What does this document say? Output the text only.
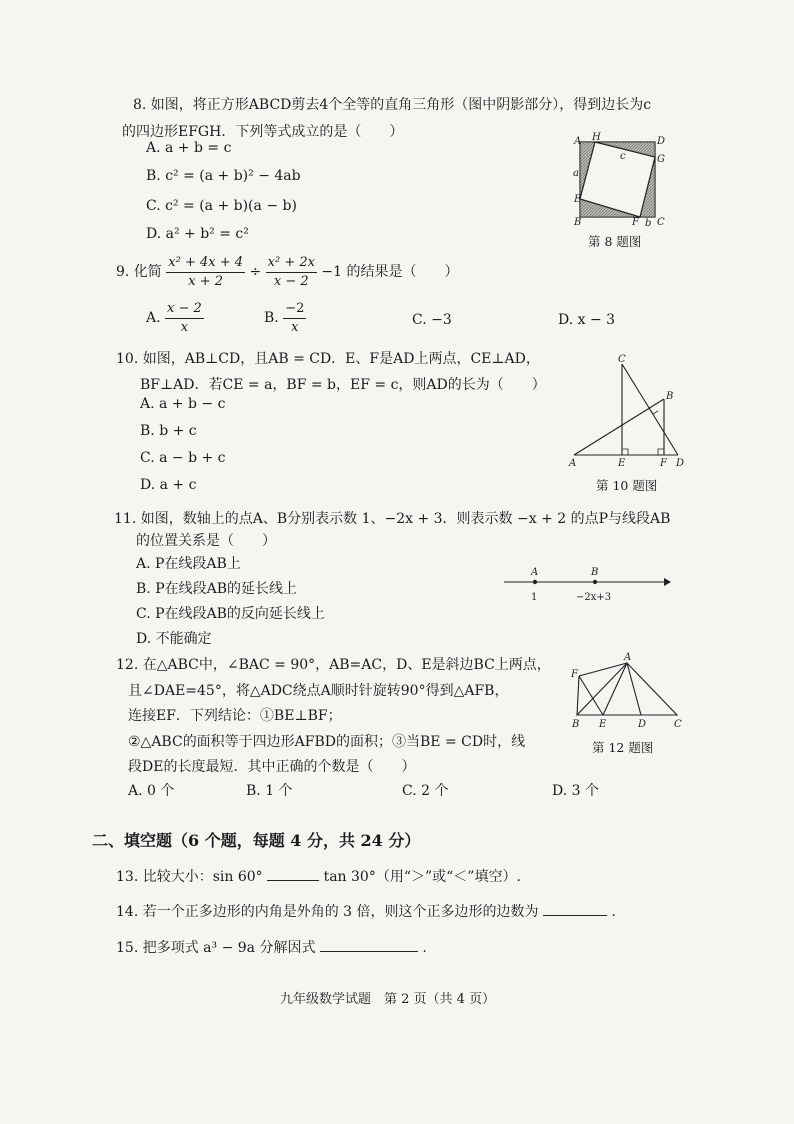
8. 如图，将正方形ABCD剪去4个全等的直角三角形（图中阴影部分），得到边长为c
的四边形EFGH．下列等式成立的是（　　）
A. a + b = c
B. c² = (a + b)² − 4ab
C. c² = (a + b)(a − b)
D. a² + b² = c²
A H	D
G
E
B	F C
a
b
c
第 8 题图
9. 化简 $\frac{\text{x² + 4x + 4}}{x + 2} \div \frac{\text{x² + 2x}}{x - 2} -1$ 的结果是（　　）
A. $\frac{x - 2}{x}$	B. $\frac{-2}{x}$	C. −3	D. x − 3
10. 如图，AB⊥CD，且AB = CD．E、F是AD上两点，CE⊥AD，
BF⊥AD．若CE = a，BF = b，EF = c，则AD的长为（　　）
A. a + b − c
B. b + c
C. a − b + c
D. a + c
C
B
A	E	F D
第 10 题图
11. 如图，数轴上的点A、B分别表示数 1、−2x + 3．则表示数 −x + 2 的点P与线段AB
的位置关系是（　　）
A. P在线段AB上
B. P在线段AB的延长线上
C. P在线段AB的反向延长线上
D. 不能确定
A	B
1	−2x+3
12. 在△ABC中，∠BAC = 90°，AB=AC，D、E是斜边BC上两点，
且∠DAE=45°，将△ADC绕点A顺时针旋转90°得到△AFB，
连接EF．下列结论：①BE⊥BF；
②△ABC的面积等于四边形AFBD的面积；③当BE = CD时，线
段DE的长度最短．其中正确的个数是（　　）
A. 0 个	B. 1 个	C. 2 个	D. 3 个
A
F
B E	D	C
第 12 题图
二、填空题（6 个题，每题 4 分，共 24 分）
13. 比较大小：sin 60°	tan 30°（用“＞”或“＜”填空）.
14. 若一个正多边形的内角是外角的 3 倍，则这个正多边形的边数为	.
15. 把多项式 a³ − 9a 分解因式	.
九年级数学试题　第 2 页（共 4 页）
